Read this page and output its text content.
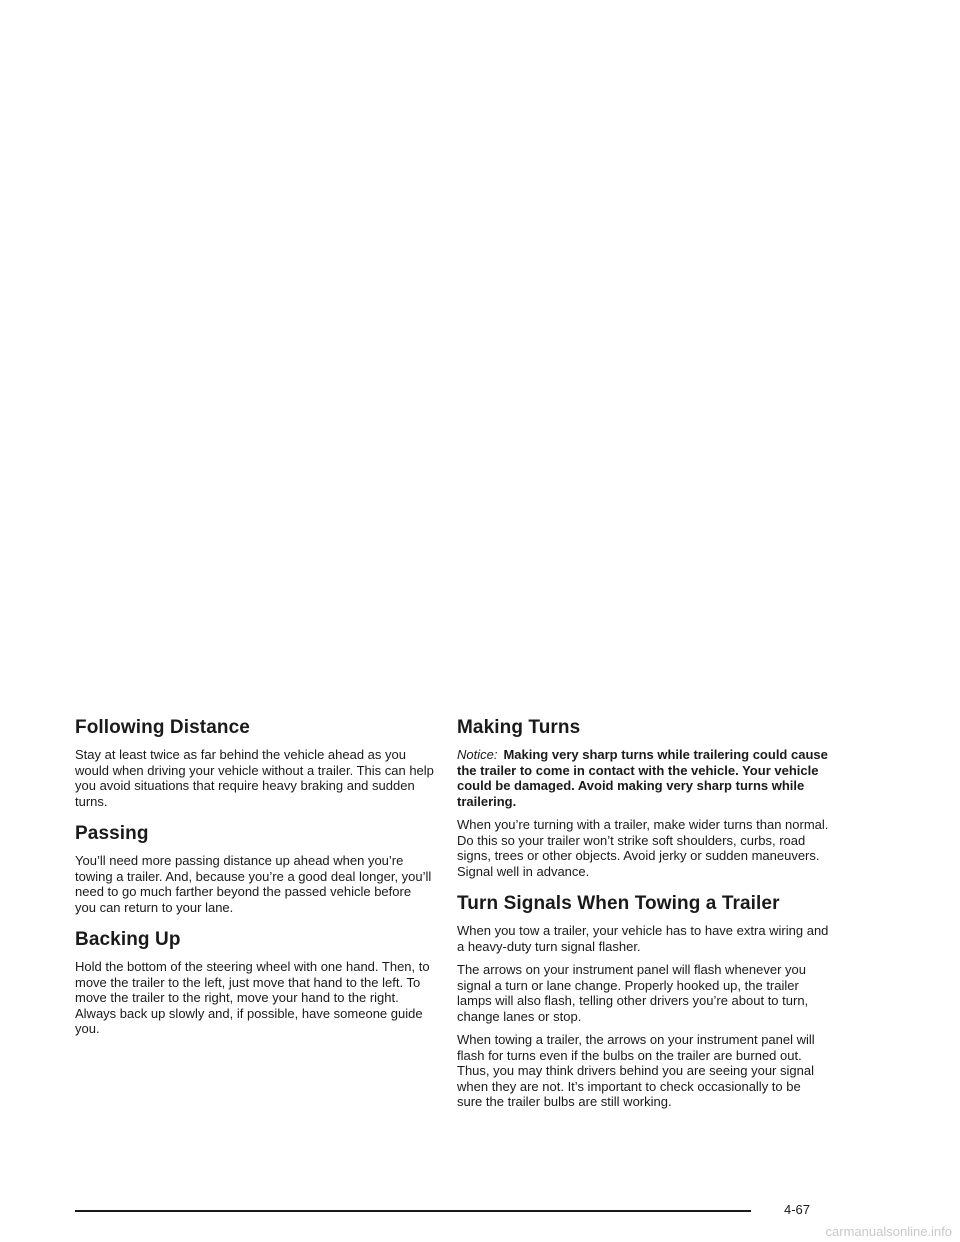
Following Distance

Stay at least twice as far behind the vehicle ahead as you would when driving your vehicle without a trailer. This can help you avoid situations that require heavy braking and sudden turns.

Passing

You’ll need more passing distance up ahead when you’re towing a trailer. And, because you’re a good deal longer, you’ll need to go much farther beyond the passed vehicle before you can return to your lane.

Backing Up

Hold the bottom of the steering wheel with one hand. Then, to move the trailer to the left, just move that hand to the left. To move the trailer to the right, move your hand to the right. Always back up slowly and, if possible, have someone guide you.

Making Turns

Notice: Making very sharp turns while trailering could cause the trailer to come in contact with the vehicle. Your vehicle could be damaged. Avoid making very sharp turns while trailering.

When you’re turning with a trailer, make wider turns than normal. Do this so your trailer won’t strike soft shoulders, curbs, road signs, trees or other objects. Avoid jerky or sudden maneuvers. Signal well in advance.

Turn Signals When Towing a Trailer

When you tow a trailer, your vehicle has to have extra wiring and a heavy-duty turn signal flasher.

The arrows on your instrument panel will flash whenever you signal a turn or lane change. Properly hooked up, the trailer lamps will also flash, telling other drivers you’re about to turn, change lanes or stop.

When towing a trailer, the arrows on your instrument panel will flash for turns even if the bulbs on the trailer are burned out. Thus, you may think drivers behind you are seeing your signal when they are not. It’s important to check occasionally to be sure the trailer bulbs are still working.

4-67
carmanualsonline.info
